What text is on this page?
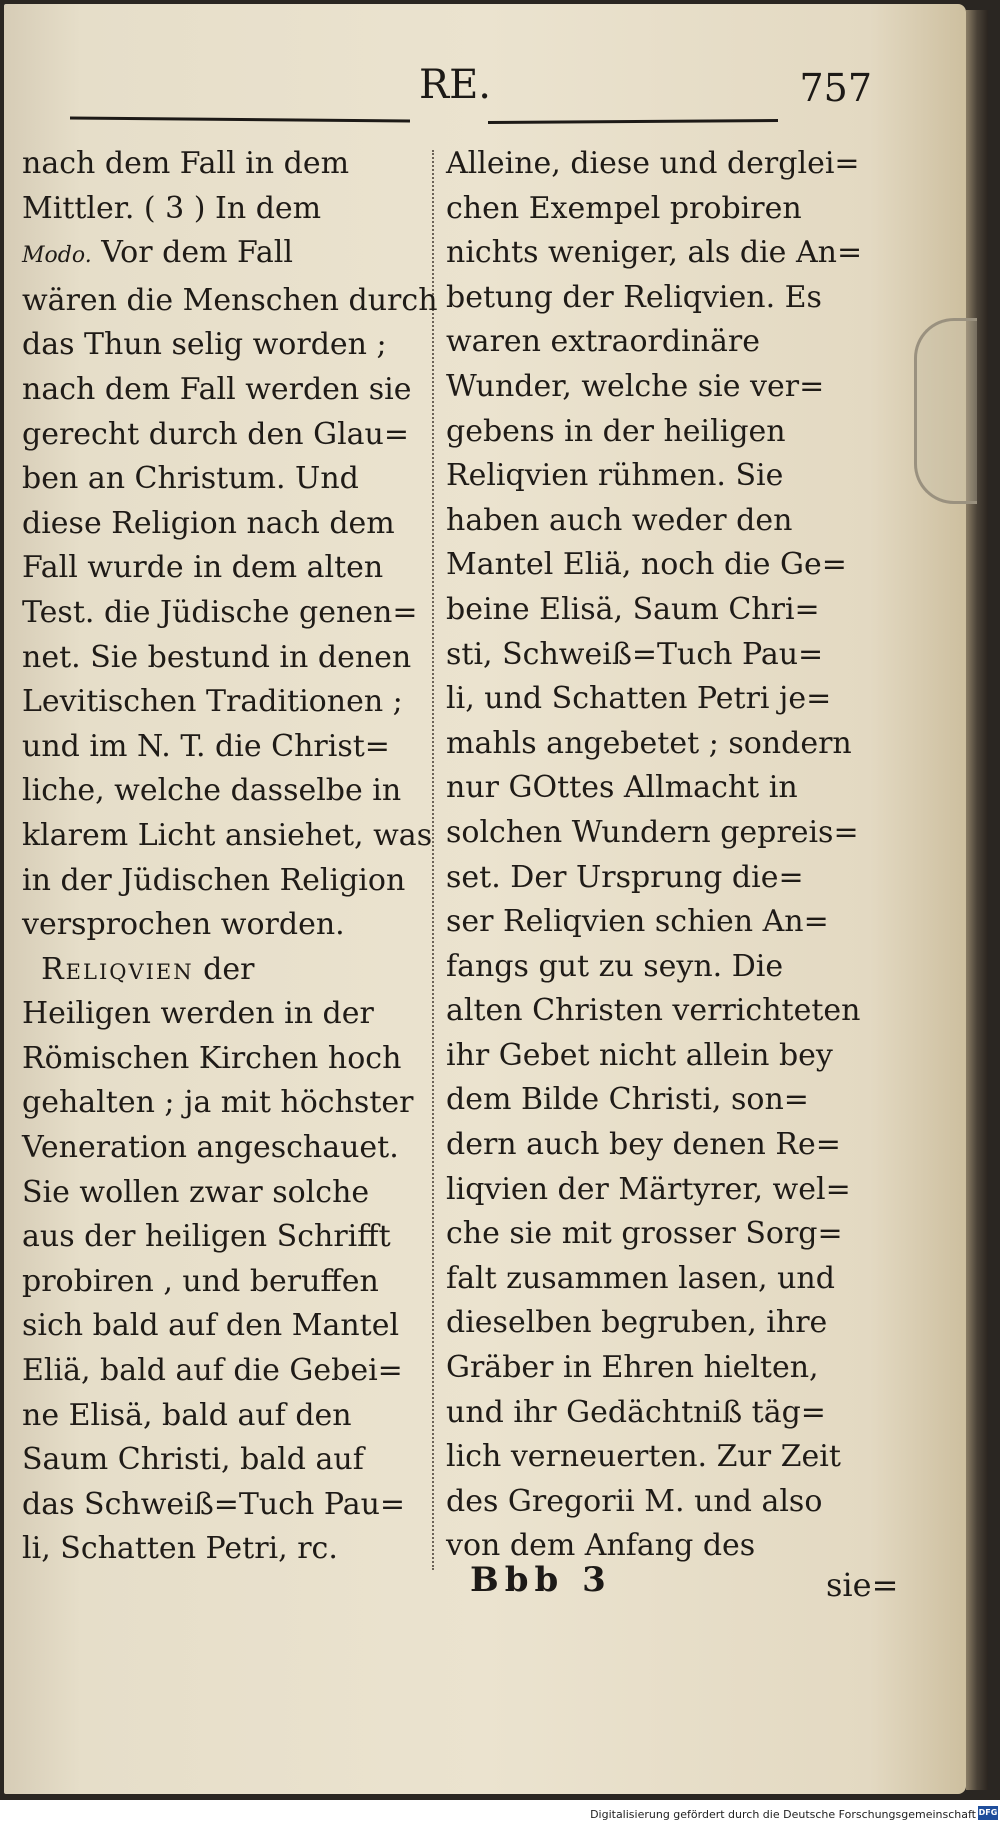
RE.	757
nach dem Fall in dem
Mittler. ( 3 ) In dem
Modo. Vor dem Fall
wären die Menschen durch
das Thun selig worden ;
nach dem Fall werden sie
gerecht durch den Glau=
ben an Christum. Und
diese Religion nach dem
Fall wurde in dem alten
Test. die Jüdische genen=
net. Sie bestund in denen
Levitischen Traditionen ;
und im N. T. die Christ=
liche, welche dasselbe in
klarem Licht ansiehet, was
in der Jüdischen Religion
versprochen worden.
Reliqvien der
Heiligen werden in der
Römischen Kirchen hoch
gehalten ; ja mit höchster
Veneration angeschauet.
Sie wollen zwar solche
aus der heiligen Schrifft
probiren , und beruffen
sich bald auf den Mantel
Eliä, bald auf die Gebei=
ne Elisä, bald auf den
Saum Christi, bald auf
das Schweiß=Tuch Pau=
li, Schatten Petri, rc.
Alleine, diese und derglei=
chen Exempel probiren
nichts weniger, als die An=
betung der Reliqvien. Es
waren extraordinäre
Wunder, welche sie ver=
gebens in der heiligen
Reliqvien rühmen. Sie
haben auch weder den
Mantel Eliä, noch die Ge=
beine Elisä, Saum Chri=
sti, Schweiß=Tuch Pau=
li, und Schatten Petri je=
mahls angebetet ; sondern
nur GOttes Allmacht in
solchen Wundern gepreis=
set. Der Ursprung die=
ser Reliqvien schien An=
fangs gut zu seyn. Die
alten Christen verrichteten
ihr Gebet nicht allein bey
dem Bilde Christi, son=
dern auch bey denen Re=
liqvien der Märtyrer, wel=
che sie mit grosser Sorg=
falt zusammen lasen, und
dieselben begruben, ihre
Gräber in Ehren hielten,
und ihr Gedächtniß täg=
lich verneuerten. Zur Zeit
des Gregorii M. und also
von dem Anfang des
Bbb 3	sie=
Digitalisierung gefördert durch die Deutsche Forschungsgemeinschaft DFG
